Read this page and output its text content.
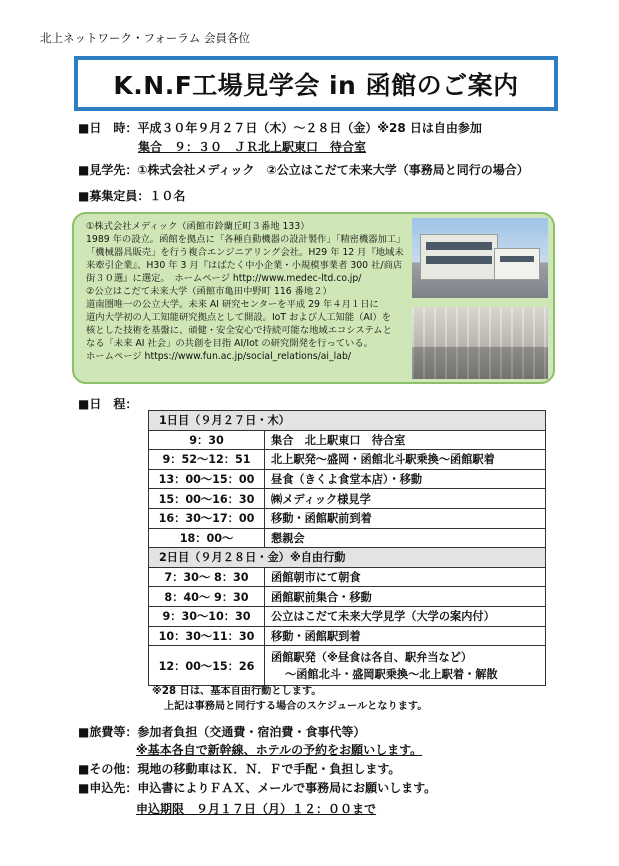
北上ネットワーク・フォーラム 会員各位
K.N.F工場見学会 in 函館のご案内
■日　時：平成３０年９月２７日（木）～２８日（金）※28 日は自由参加
集合　９：３０　ＪＲ北上駅東口　待合室
■見学先：①株式会社メディック　②公立はこだて未来大学（事務局と同行の場合）
■募集定員：１０名
①株式会社メディック（函館市鈴蘭丘町３番地 133）
1989 年の設立。函館を拠点に「各種自動機器の設計製作」「精密機器加工」
「機械器具販売」を行う複合エンジニアリング会社。H29 年 12 月『地域未
来牽引企業』、H30 年 3 月『はばたく中小企業・小規模事業者 300 社/商店
街３０選』に選定。　ホームページ http://www.medec-ltd.co.jp/
②公立はこだて未来大学（函館市亀田中野町 116 番地２）
道南圏唯一の公立大学。未来 AI 研究センターを平成 29 年４月１日に
道内大学初の人工知能研究拠点として開設。IoT および人工知能（AI）を
核とした技術を基盤に、頑健・安全安心で持続可能な地域エコシステムと
なる「未来 AI 社会」の共創を目指 AI/Iot の研究開発を行っている。
ホームページ https://www.fun.ac.jp/social_relations/ai_lab/
■日　程：
1日目（９月２７日・木）	
9：30	集合　北上駅東口　待合室
9：52～12：51	北上駅発～盛岡・函館北斗駅乗換～函館駅着
13：00～15：00	昼食（きくよ食堂本店）・移動
15：00～16：30	㈱メディック様見学
16：30～17：00	移動・函館駅前到着
18：00～	懇親会
2日目（９月２８日・金）※自由行動	
7：30～ 8：30	函館朝市にて朝食
8：40～ 9：30	函館駅前集合・移動
9：30～10：30	公立はこだて未来大学見学（大学の案内付）
10：30～11：30	移動・函館駅到着
12：00～15：26	函館駅発（※昼食は各自、駅弁当など）
～函館北斗・盛岡駅乗換～北上駅着・解散
※28 日は、基本自由行動とします。
上記は事務局と同行する場合のスケジュールとなります。
■旅費等：参加者負担（交通費・宿泊費・食事代等）
※基本各自で新幹線、ホテルの予約をお願いします。
■その他：現地の移動車はＫ．Ｎ．Ｆで手配・負担します。
■申込先：申込書によりＦＡＸ、メールで事務局にお願いします。
申込期限　９月１７日（月）１２：００まで
